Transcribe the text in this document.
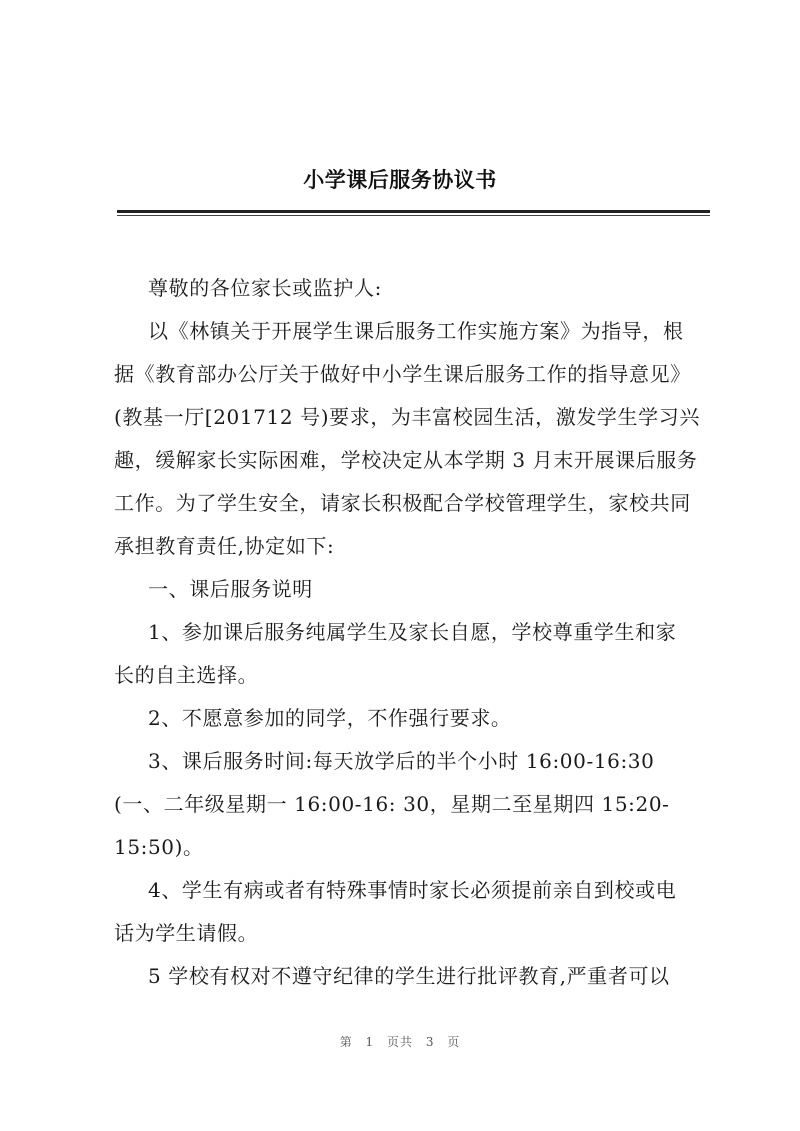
小学课后服务协议书
尊敬的各位家长或监护人:
以《林镇关于开展学生课后服务工作实施方案》为指导，根
据《教育部办公厅关于做好中小学生课后服务工作的指导意见》
(教基一厅[201712 号)要求，为丰富校园生活，激发学生学习兴
趣，缓解家长实际困难，学校决定从本学期 3 月末开展课后服务
工作。为了学生安全，请家长积极配合学校管理学生，家校共同
承担教育责任,协定如下:
一、课后服务说明
1、参加课后服务纯属学生及家长自愿，学校尊重学生和家
长的自主选择。
2、不愿意参加的同学，不作强行要求。
3、课后服务时间:每天放学后的半个小时 16:00-16:30
(一、二年级星期一 16:00-16: 30，星期二至星期四 15:20-
15:50)。
4、学生有病或者有特殊事情时家长必须提前亲自到校或电
话为学生请假。
5 学校有权对不遵守纪律的学生进行批评教育,严重者可以
第 1 页共 3 页
